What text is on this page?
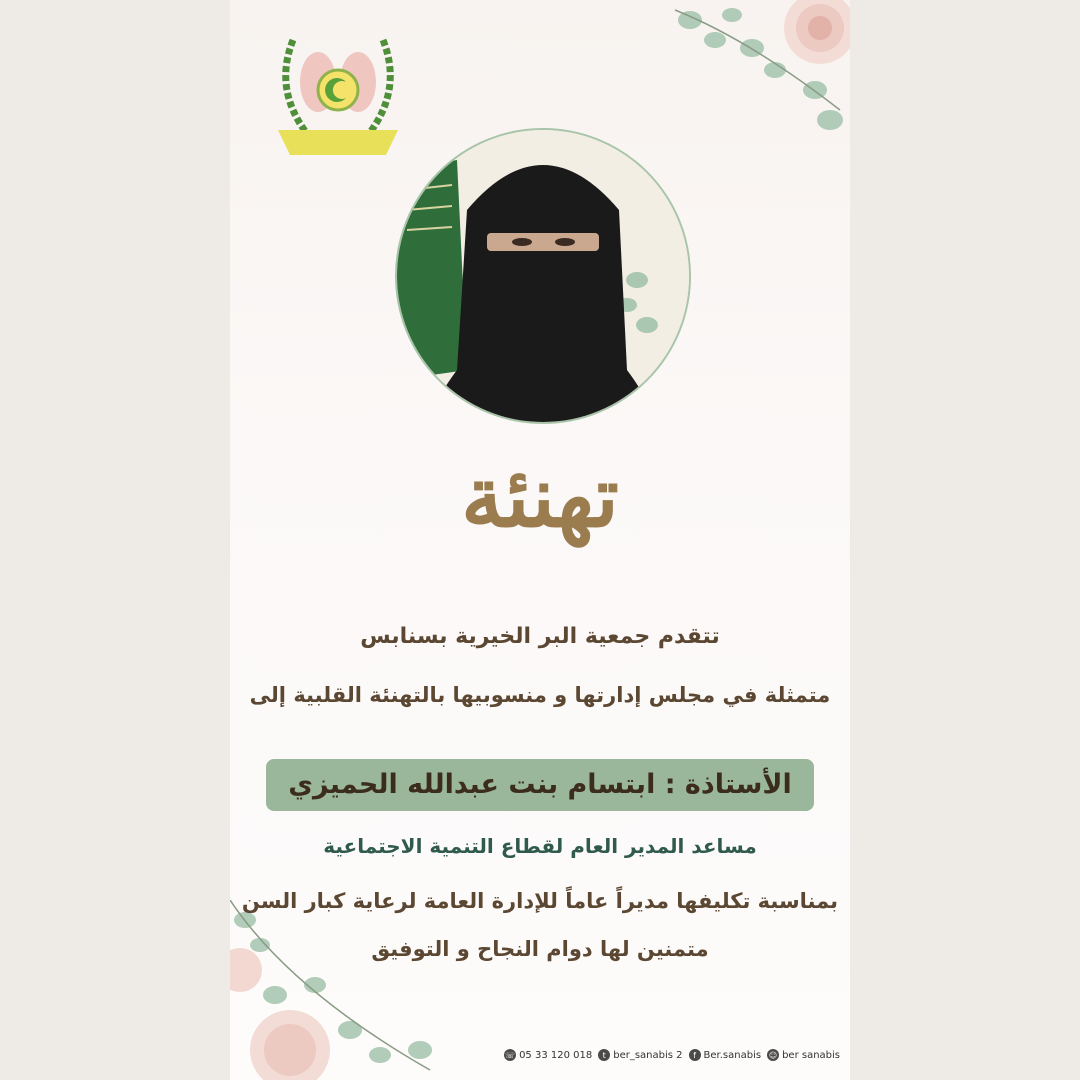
تهنئة
تتقدم جمعية البر الخيرية بسنابس
متمثلة في مجلس إدارتها و منسوبيها بالتهنئة القلبية إلى
الأستاذة : ابتسام بنت عبدالله الحميزي
مساعد المدير العام لقطاع التنمية الاجتماعية
بمناسبة تكليفها مديراً عاماً للإدارة العامة لرعاية كبار السن
متمنين لها دوام النجاح و التوفيق
☏ 05 33 120 018	t ber_sanabis 2	f Ber.sanabis ☺ ber sanabis
